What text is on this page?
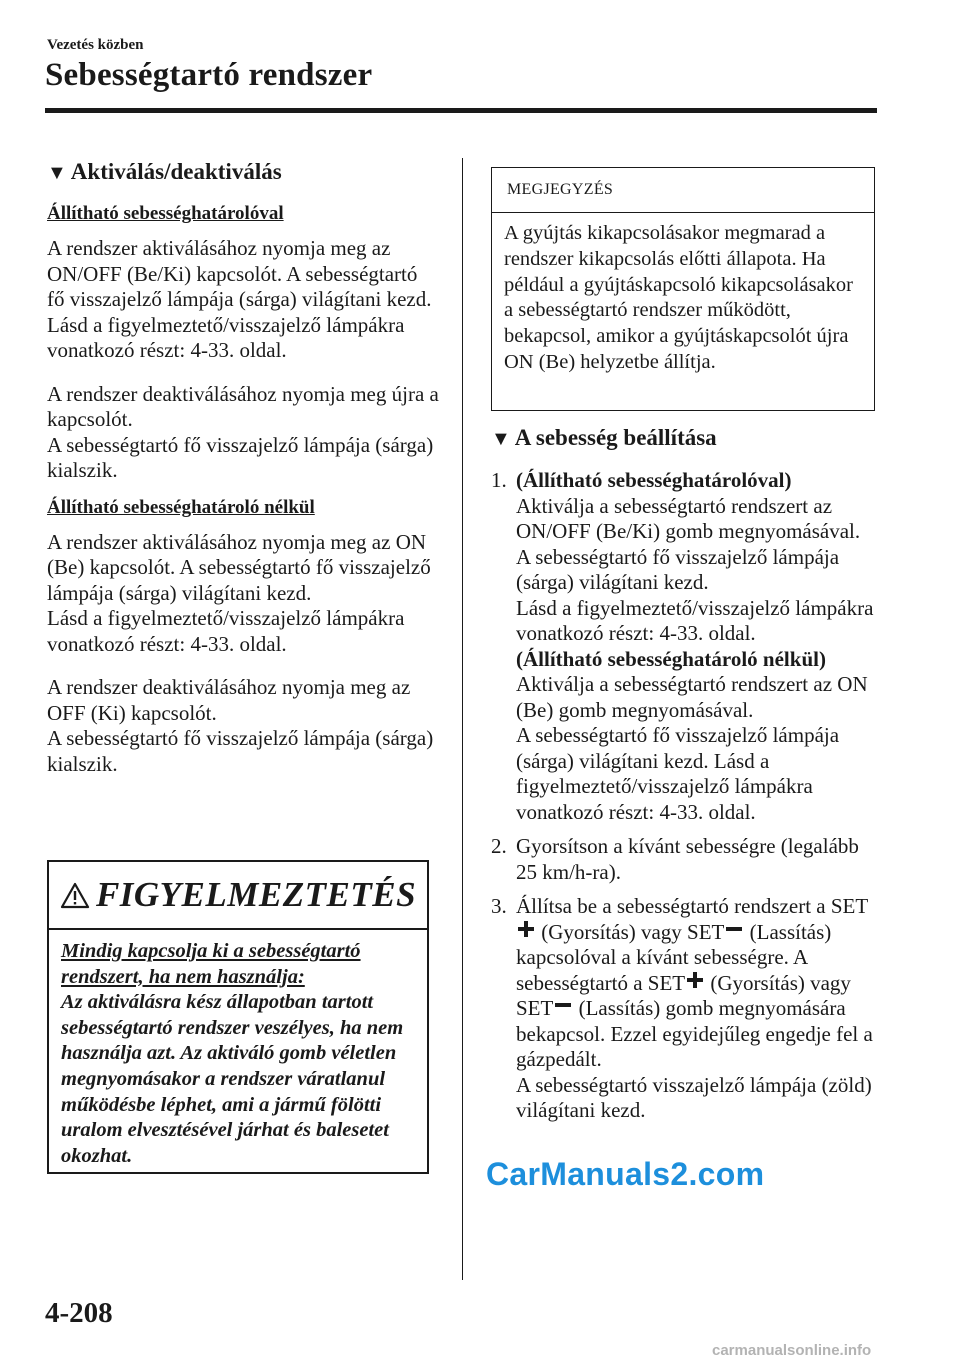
Vezetés közben
Sebességtartó rendszer
▼ Aktiválás/deaktiválás
Állítható sebességhatárolóval

A rendszer aktiválásához nyomja meg az ON/OFF (Be/Ki) kapcsolót. A sebességtartó fő visszajelző lámpája (sárga) világítani kezd.
Lásd a figyelmeztető/visszajelző lámpákra vonatkozó részt: 4-33. oldal.

A rendszer deaktiválásához nyomja meg újra a kapcsolót.
A sebességtartó fő visszajelző lámpája (sárga) kialszik.

Állítható sebességhatároló nélkül

A rendszer aktiválásához nyomja meg az ON (Be) kapcsolót. A sebességtartó fő visszajelző lámpája (sárga) világítani kezd.
Lásd a figyelmeztető/visszajelző lámpákra vonatkozó részt: 4-33. oldal.

A rendszer deaktiválásához nyomja meg az OFF (Ki) kapcsolót.
A sebességtartó fő visszajelző lámpája (sárga) kialszik.

FIGYELMEZTETÉS
Mindig kapcsolja ki a sebességtartó rendszert, ha nem használja:
Az aktiválásra kész állapotban tartott sebességtartó rendszer veszélyes, ha nem használja azt. Az aktiváló gomb véletlen megnyomásakor a rendszer váratlanul működésbe léphet, ami a jármű fölötti uralom elvesztésével járhat és balesetet okozhat.
MEGJEGYZÉS
A gyújtás kikapcsolásakor megmarad a rendszer kikapcsolás előtti állapota. Ha például a gyújtáskapcsoló kikapcsolásakor a sebességtartó rendszer működött, bekapcsol, amikor a gyújtáskapcsolót újra ON (Be) helyzetbe állítja.
▼ A sebesség beállítása
1. (Állítható sebességhatárolóval)
Aktiválja a sebességtartó rendszert az ON/OFF (Be/Ki) gomb megnyomásával.
A sebességtartó fő visszajelző lámpája (sárga) világítani kezd.
Lásd a figyelmeztető/visszajelző lámpákra vonatkozó részt: 4-33. oldal.
(Állítható sebességhatároló nélkül)
Aktiválja a sebességtartó rendszert az ON (Be) gomb megnyomásával.
A sebességtartó fő visszajelző lámpája (sárga) világítani kezd. Lásd a figyelmeztető/visszajelző lámpákra vonatkozó részt: 4-33. oldal.
2. Gyorsítson a kívánt sebességre (legalább 25 km/h-ra).
3. Állítsa be a sebességtartó rendszert a SET (Gyorsítás) vagy SET (Lassítás) kapcsolóval a kívánt sebességre. A sebességtartó a SET (Gyorsítás) vagy SET (Lassítás) gomb megnyomására bekapcsol. Ezzel egyidejűleg engedje fel a gázpedált.
A sebességtartó visszajelző lámpája (zöld) világítani kezd.
CarManuals2.com
4-208
carmanualsonline.info
